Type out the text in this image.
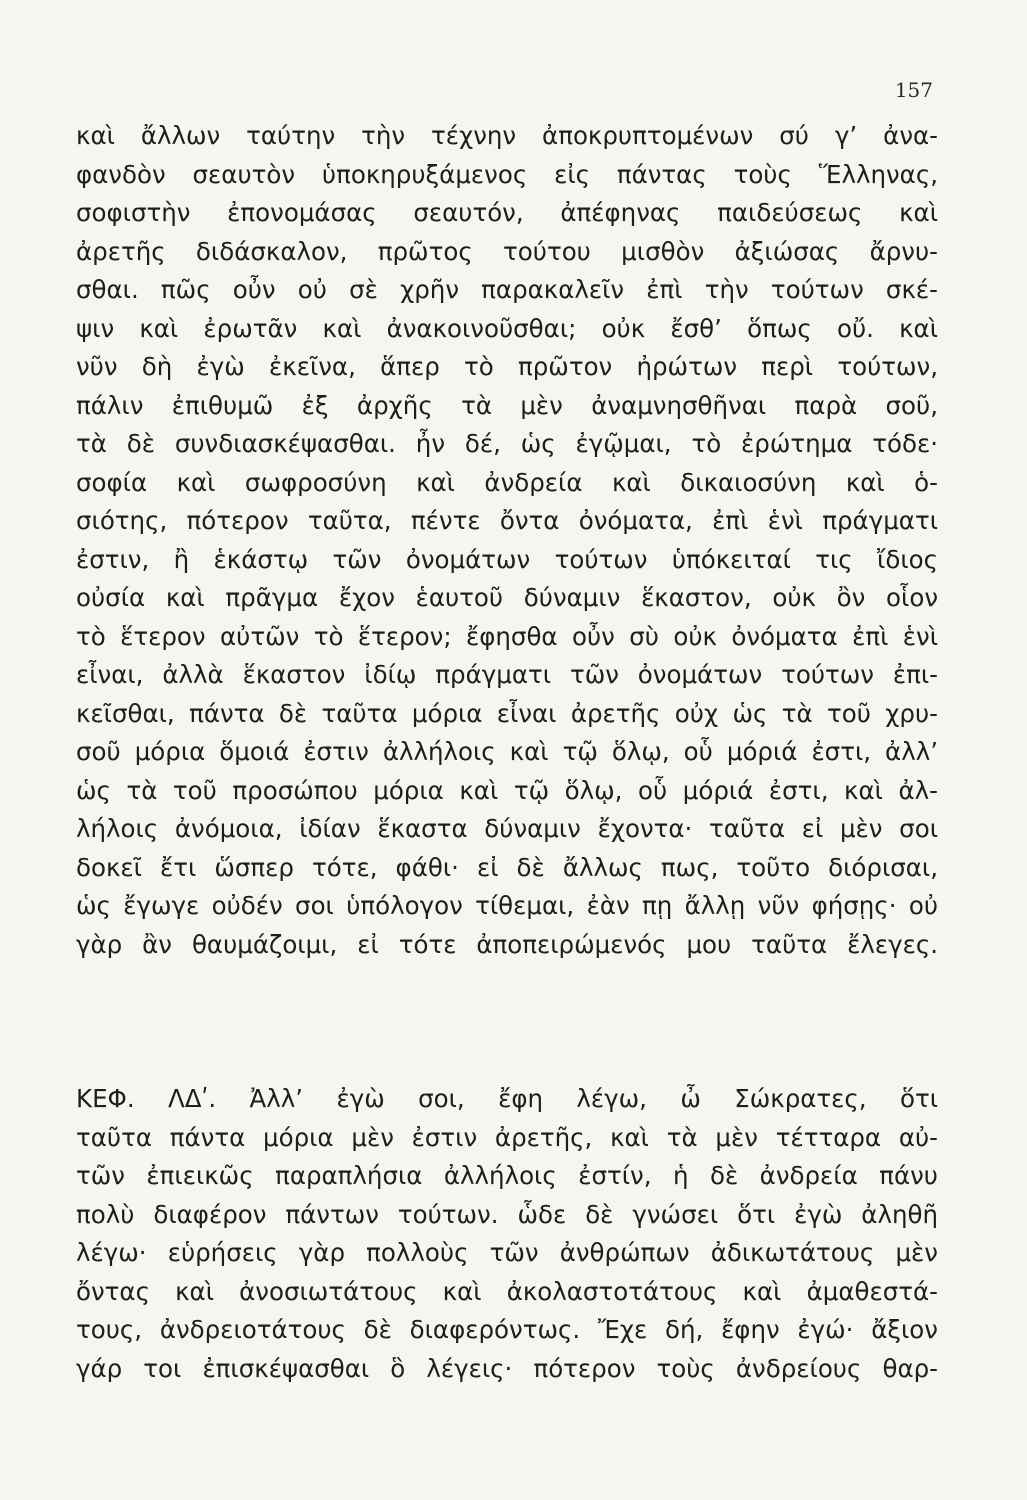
157
καὶ ἄλλων ταύτην τὴν τέχνην ἀποκρυπτομένων σύ γ’ ἀνα-
φανδὸν σεαυτὸν ὑποκηρυξάμενος εἰς πάντας τοὺς Ἕλληνας,
σοφιστὴν ἐπονομάσας σεαυτόν, ἀπέφηνας παιδεύσεως καὶ
ἀρετῆς διδάσκαλον, πρῶτος τούτου μισθὸν ἀξιώσας ἄρνυ-
σθαι. πῶς οὖν οὐ σὲ χρῆν παρακαλεῖν ἐπὶ τὴν τούτων σκέ-
ψιν καὶ ἐρωτᾶν καὶ ἀνακοινοῦσθαι; οὐκ ἔσθ’ ὅπως οὔ. καὶ
νῦν δὴ ἐγὼ ἐκεῖνα, ἅπερ τὸ πρῶτον ἠρώτων περὶ τούτων,
πάλιν ἐπιθυμῶ ἐξ ἀρχῆς τὰ μὲν ἀναμνησθῆναι παρὰ σοῦ,
τὰ δὲ συνδιασκέψασθαι. ἦν δέ, ὡς ἐγῷμαι, τὸ ἐρώτημα τόδε·
σοφία καὶ σωφροσύνη καὶ ἀνδρεία καὶ δικαιοσύνη καὶ ὁ-
σιότης, πότερον ταῦτα, πέντε ὄντα ὀνόματα, ἐπὶ ἑνὶ πράγματι
ἐστιν, ἢ ἑκάστῳ τῶν ὀνομάτων τούτων ὑπόκειταί τις ἴδιος
οὐσία καὶ πρᾶγμα ἔχον ἑαυτοῦ δύναμιν ἕκαστον, οὐκ ὂν οἷον
τὸ ἕτερον αὐτῶν τὸ ἕτερον; ἔφησθα οὖν σὺ οὐκ ὀνόματα ἐπὶ ἑνὶ
εἶναι, ἀλλὰ ἕκαστον ἰδίῳ πράγματι τῶν ὀνομάτων τούτων ἐπι-
κεῖσθαι, πάντα δὲ ταῦτα μόρια εἶναι ἀρετῆς οὐχ ὡς τὰ τοῦ χρυ-
σοῦ μόρια ὅμοιά ἐστιν ἀλλήλοις καὶ τῷ ὅλῳ, οὗ μόριά ἐστι, ἀλλ’
ὡς τὰ τοῦ προσώπου μόρια καὶ τῷ ὅλῳ, οὗ μόριά ἐστι, καὶ ἀλ-
λήλοις ἀνόμοια, ἰδίαν ἕκαστα δύναμιν ἔχοντα· ταῦτα εἰ μὲν σοι
δοκεῖ ἔτι ὥσπερ τότε, φάθι· εἰ δὲ ἄλλως πως, τοῦτο διόρισαι,
ὡς ἔγωγε οὐδέν σοι ὑπόλογον τίθεμαι, ἐὰν πῃ ἄλλῃ νῦν φήσῃς· οὐ
γὰρ ἂν θαυμάζοιμι, εἰ τότε ἀποπειρώμενός μου ταῦτα ἔλεγες.
ΚΕΦ. ΛΔʹ. Ἀλλ’ ἐγὼ σοι, ἔφη λέγω, ὦ Σώκρατες, ὅτι
ταῦτα πάντα μόρια μὲν ἐστιν ἀρετῆς, καὶ τὰ μὲν τέτταρα αὐ-
τῶν ἐπιεικῶς παραπλήσια ἀλλήλοις ἐστίν, ἡ δὲ ἀνδρεία πάνυ
πολὺ διαφέρον πάντων τούτων. ὧδε δὲ γνώσει ὅτι ἐγὼ ἀληθῆ
λέγω· εὑρήσεις γὰρ πολλοὺς τῶν ἀνθρώπων ἀδικωτάτους μὲν
ὄντας καὶ ἀνοσιωτάτους καὶ ἀκολαστοτάτους καὶ ἀμαθεστά-
τους, ἀνδρειοτάτους δὲ διαφερόντως. Ἔχε δή, ἔφην ἐγώ· ἄξιον
γάρ τοι ἐπισκέψασθαι ὃ λέγεις· πότερον τοὺς ἀνδρείους θαρ-
